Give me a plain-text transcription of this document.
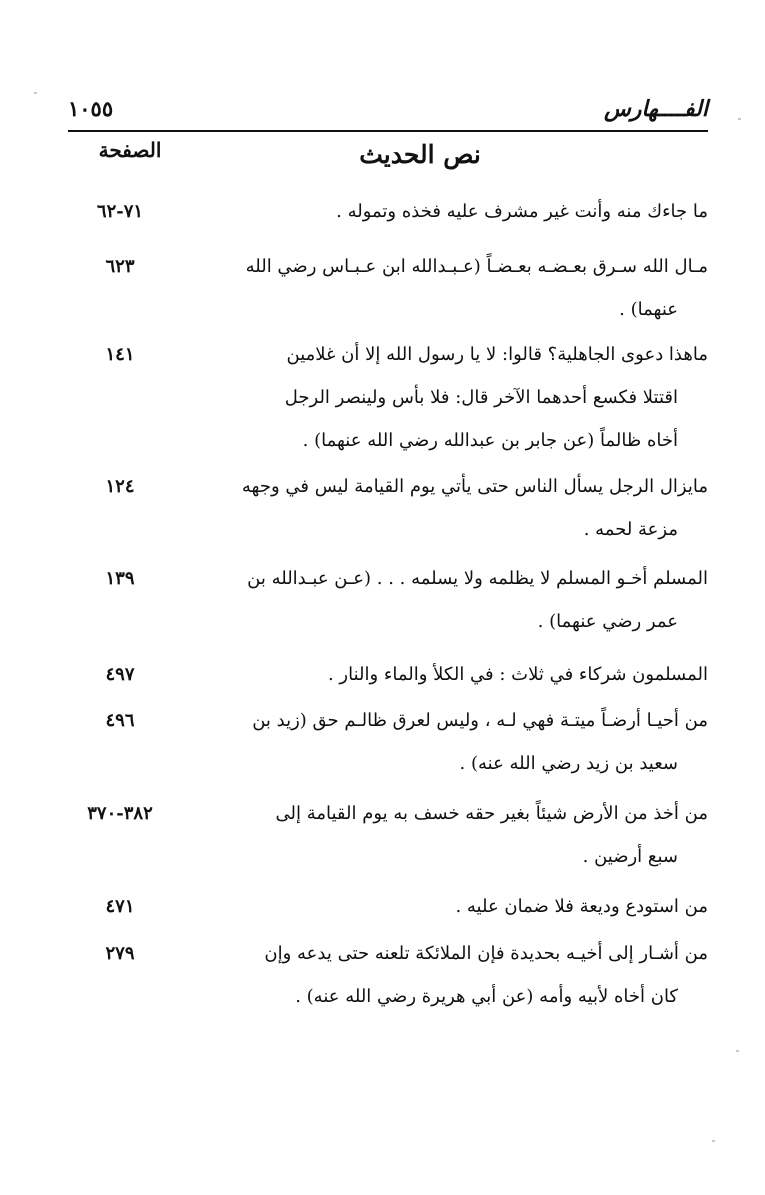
الفــــهارس
١٠٥٥
نص الحديث
الصفحة
ما جاءك منه وأنت غير مشرف عليه فخذه وتموله .
٧١-٦٢
مـال الله سـرق بعـضـه بعـضـاً (عـبـدالله ابن عـبـاس رضي الله
عنهما) .
٦٢٣
ماهذا دعوى الجاهلية؟ قالوا: لا يا رسول الله إلا أن غلامين
اقتتلا فكسع أحدهما الآخر قال: فلا بأس ولينصر الرجل
أخاه ظالماً (عن جابر بن عبدالله رضي الله عنهما) .
١٤١
مايزال الرجل يسأل الناس حتى يأتي يوم القيامة ليس في وجهه
مزعة لحمه .
١٢٤
المسلم أخـو المسلم لا يظلمه ولا يسلمه . . . (عـن عبـدالله بن
عمر رضي عنهما) .
١٣٩
المسلمون شركاء في ثلاث : في الكلأ والماء والنار .
٤٩٧
من أحيـا أرضـاً ميتـة فهي لـه ، وليس لعرق ظالـم حق (زيد بن
سعيد بن زيد رضي الله عنه) .
٤٩٦
من أخذ من الأرض شيئاً بغير حقه خسف به يوم القيامة إلى
سبع أرضين .
٣٨٢-٣٧٠
من استودع وديعة فلا ضمان عليه .
٤٧١
من أشـار إلى أخيـه بحديدة فإن الملائكة تلعنه حتى يدعه وإن
كان أخاه لأبيه وأمه (عن أبي هريرة رضي الله عنه) .
٢٧٩
